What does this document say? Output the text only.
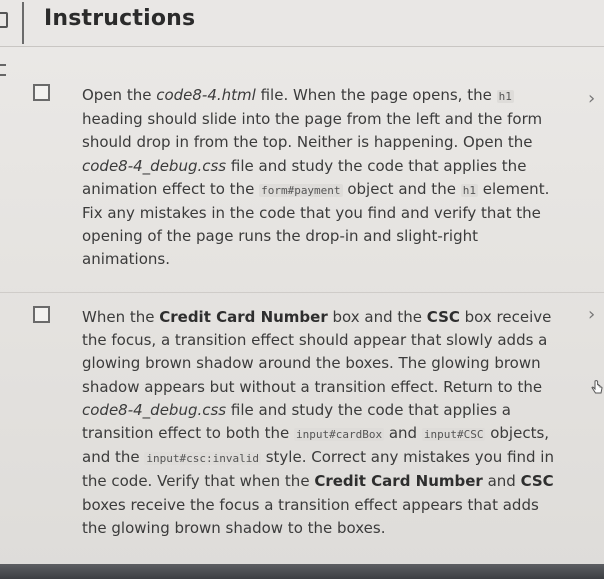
Instructions
Open the code8-4.html file. When the page opens, the h1 heading should slide into the page from the left and the form should drop in from the top. Neither is happening. Open the code8-4_debug.css file and study the code that applies the animation effect to the form#payment object and the h1 element. Fix any mistakes in the code that you find and verify that the opening of the page runs the drop-in and slight-right animations.
›
When the Credit Card Number box and the CSC box receive the focus, a transition effect should appear that slowly adds a glowing brown shadow around the boxes. The glowing brown shadow appears but without a transition effect. Return to the code8-4_debug.css file and study the code that applies a transition effect to both the input#cardBox and input#CSC objects, and the input#csc:invalid style. Correct any mistakes you find in the code. Verify that when the Credit Card Number and CSC boxes receive the focus a transition effect appears that adds the glowing brown shadow to the boxes.
›
